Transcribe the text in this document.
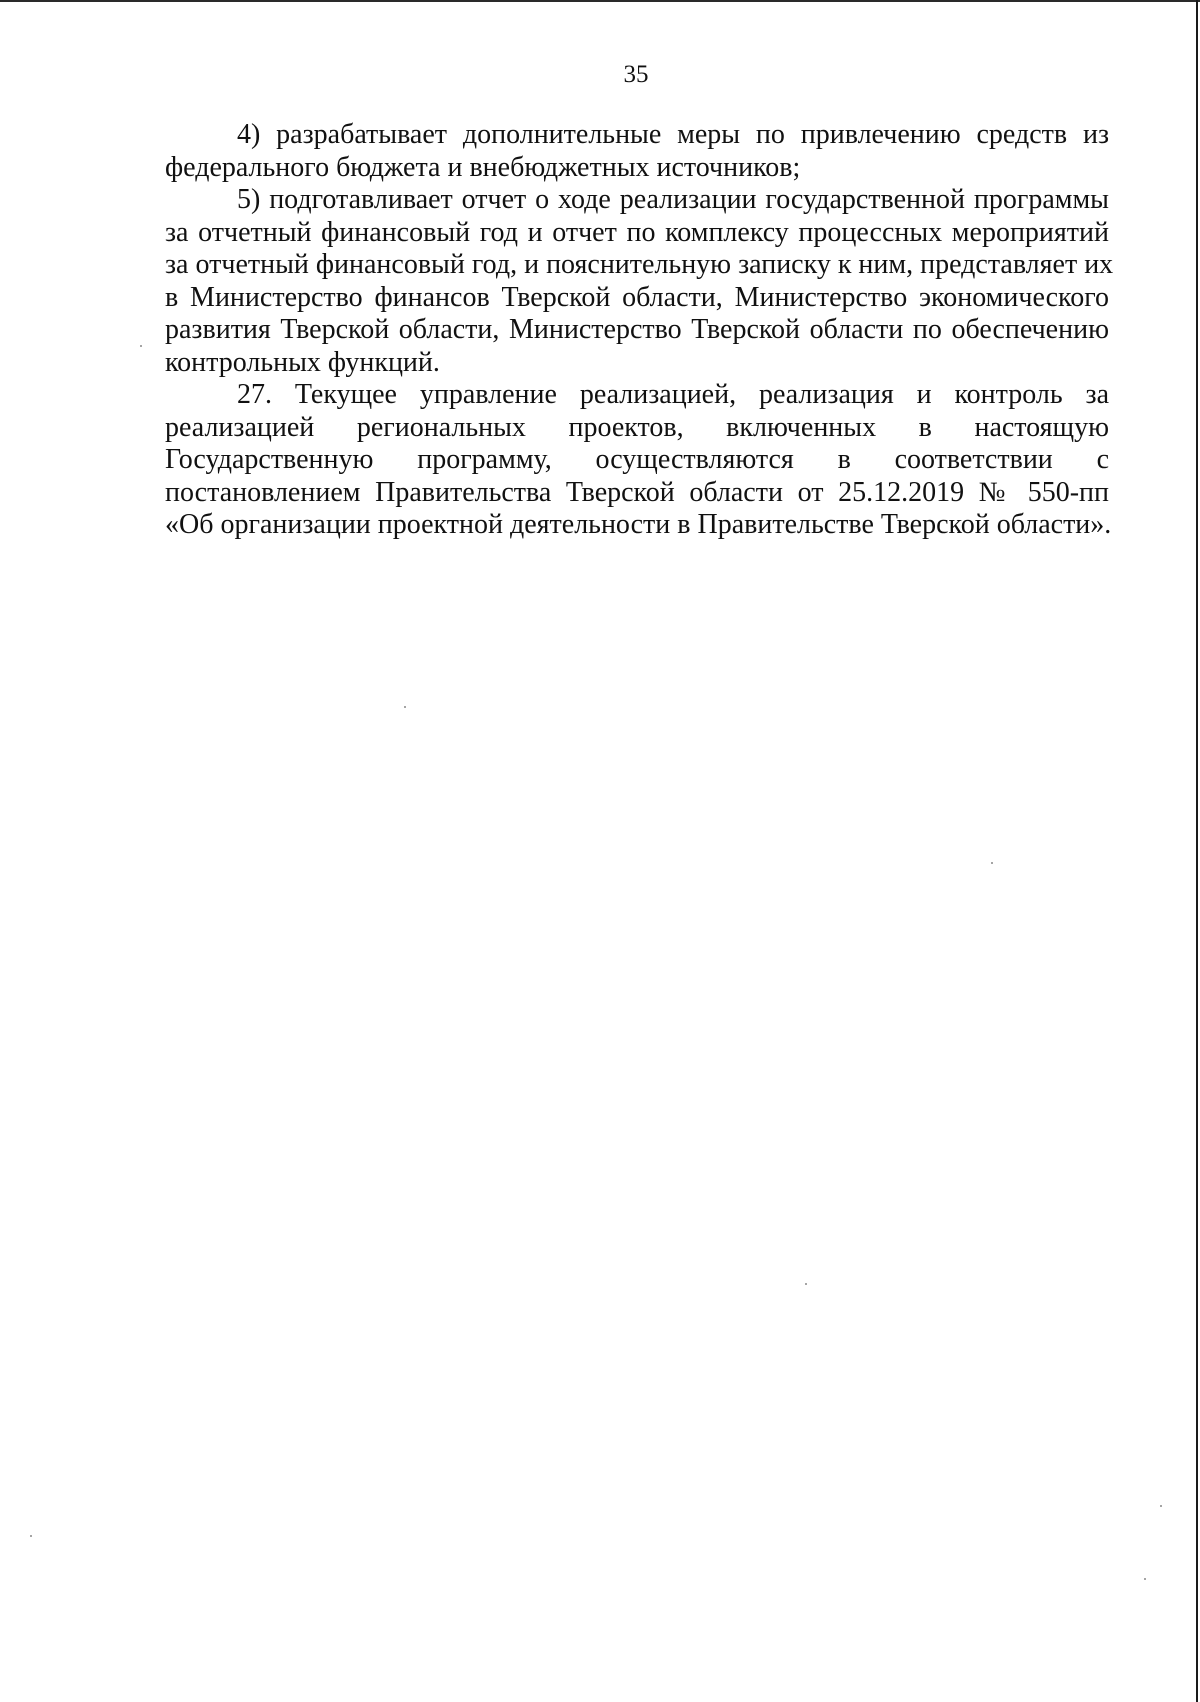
35
4) разрабатывает дополнительные меры по привлечению средств из
федерального бюджета и внебюджетных источников;
5) подготавливает отчет о ходе реализации государственной программы
за отчетный финансовый год и отчет по комплексу процессных мероприятий
за отчетный финансовый год, и пояснительную записку к ним, представляет их
в Министерство финансов Тверской области, Министерство экономического
развития Тверской области, Министерство Тверской области по обеспечению
контрольных функций.
27. Текущее управление реализацией, реализация и контроль за
реализацией региональных проектов, включенных в настоящую
Государственную программу, осуществляются в соответствии с
постановлением Правительства Тверской области от 25.12.2019 № 550-пп
«Об организации проектной деятельности в Правительстве Тверской области».
